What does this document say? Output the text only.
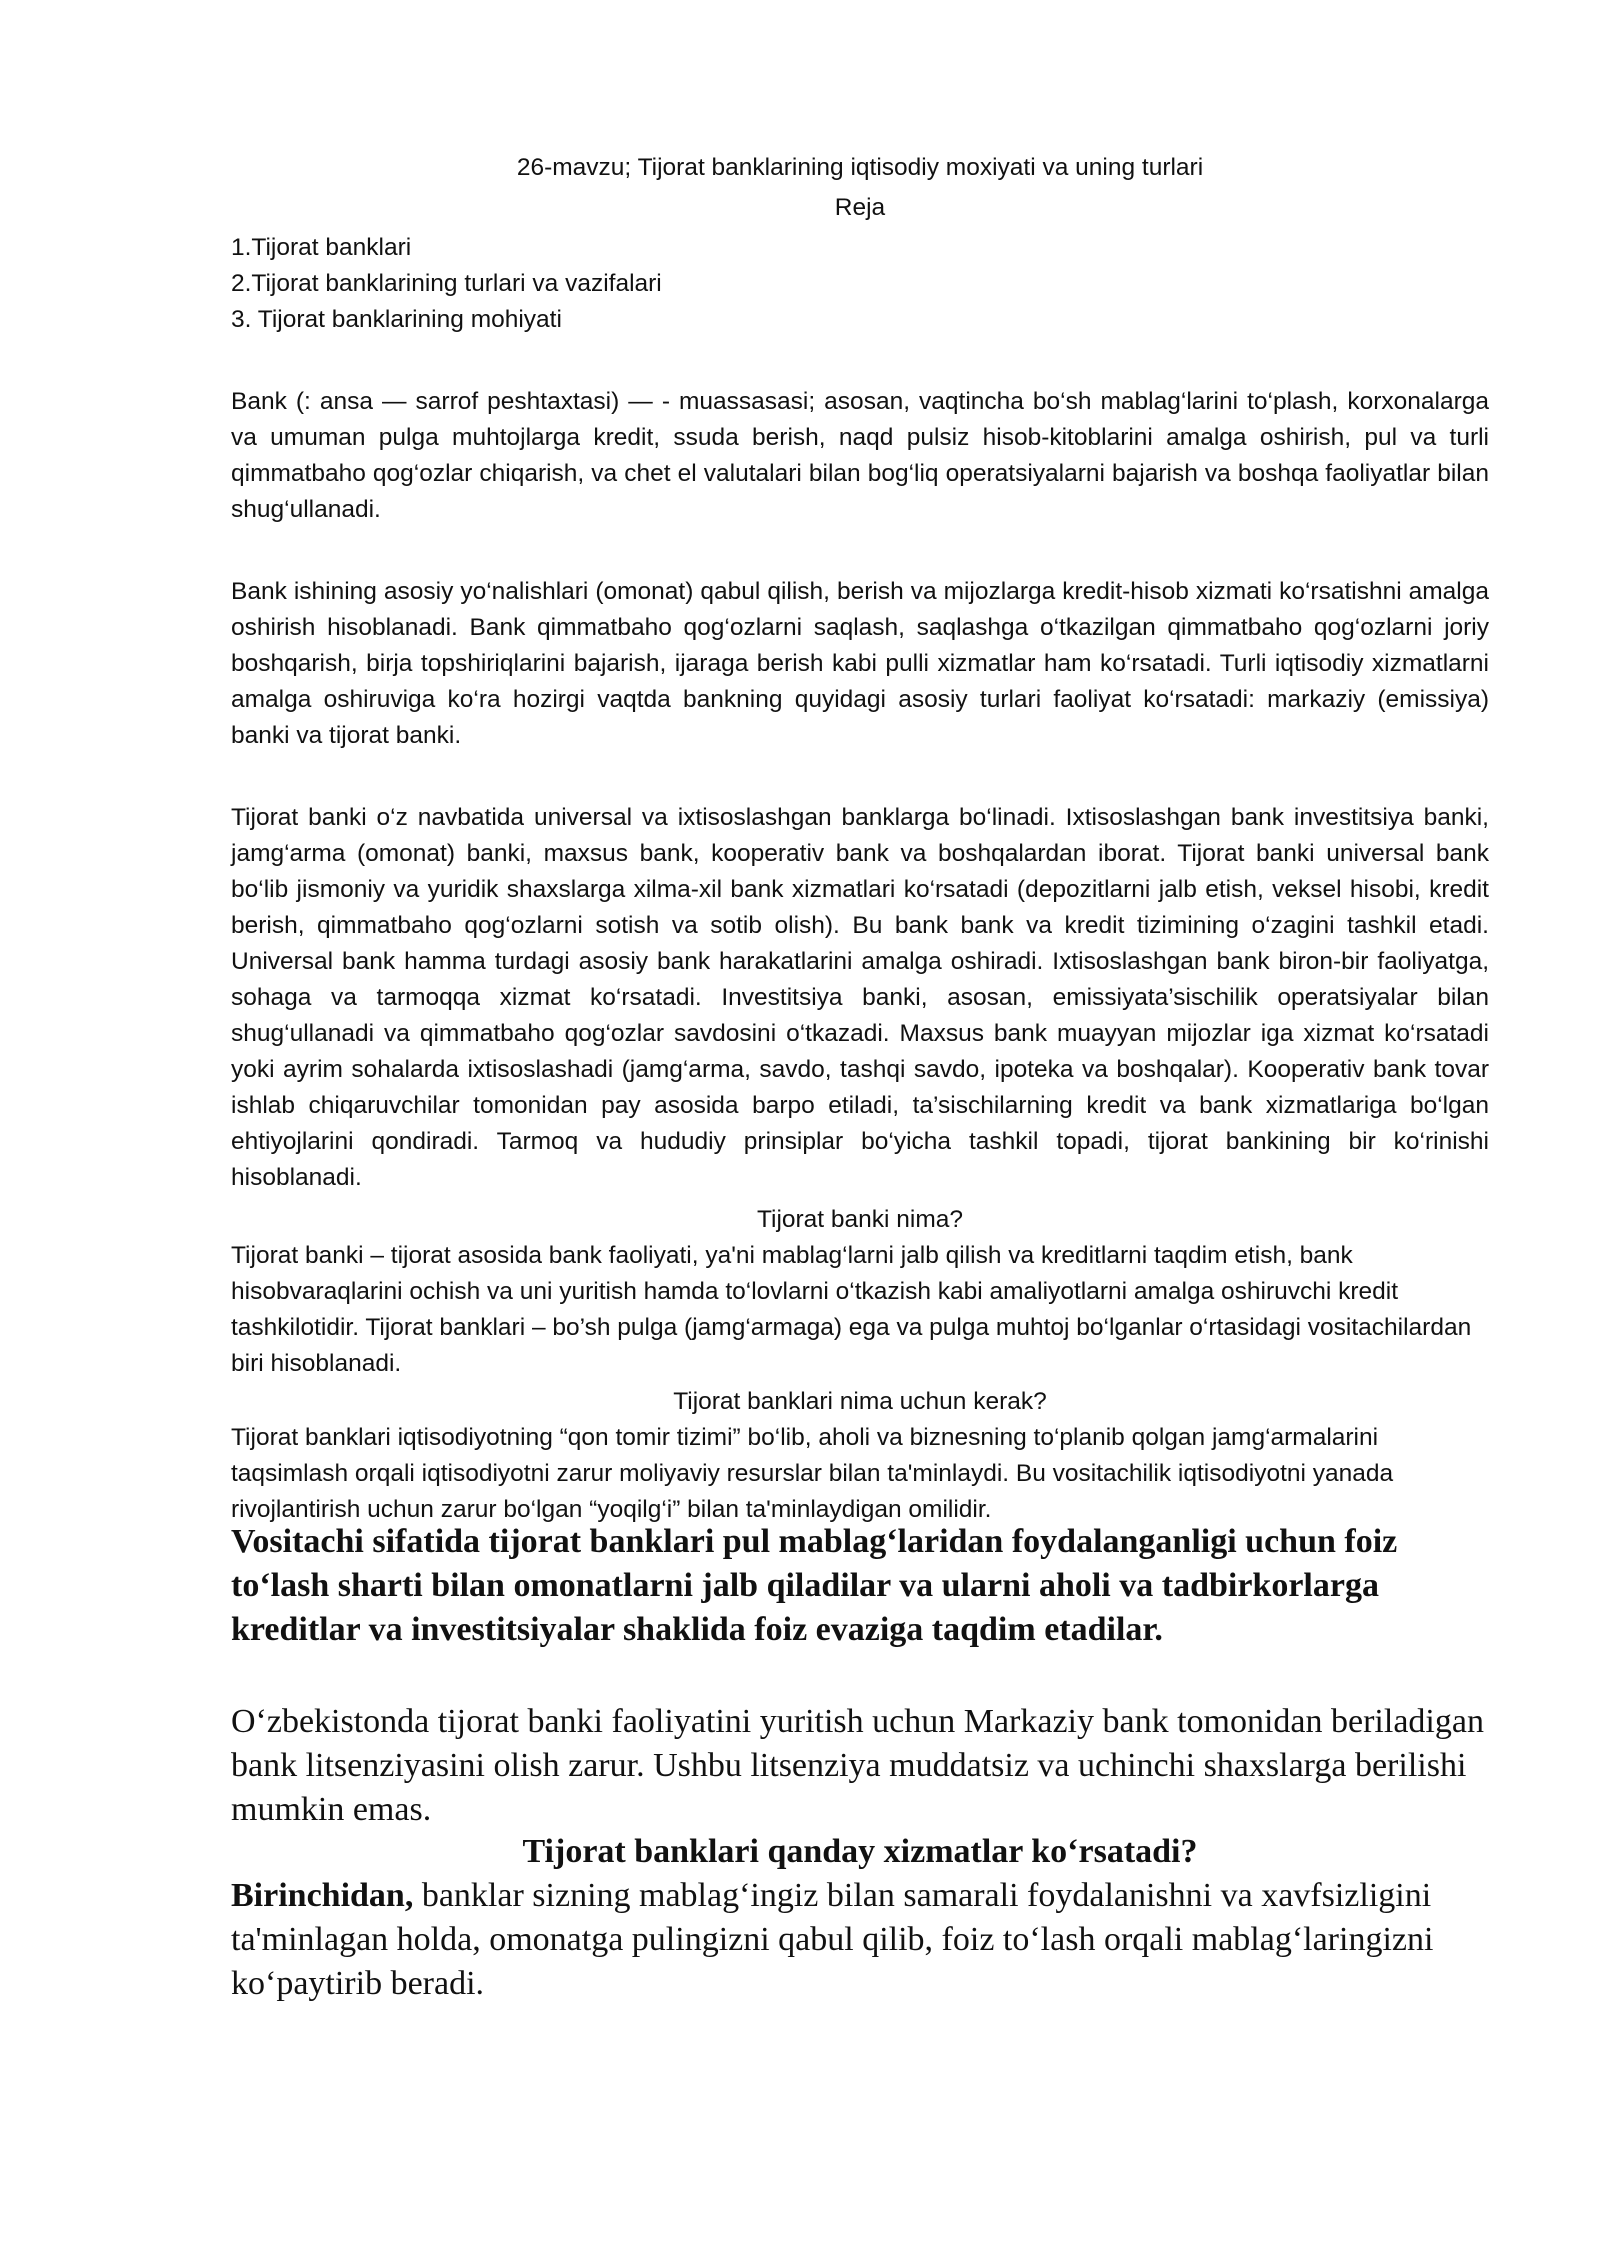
26-mavzu; Tijorat banklarining iqtisodiy moxiyati va uning turlari
Reja
1.Tijorat banklari
2.Tijorat banklarining turlari va vazifalari
3. Tijorat banklarining mohiyati

Bank (: ansa — sarrof peshtaxtasi) — - muassasasi; asosan, vaqtincha bo‘sh mablag‘larini to‘plash, korxonalarga va umuman pulga muhtojlarga kredit, ssuda berish, naqd pulsiz hisob-kitoblarini amalga oshirish, pul va turli qimmatbaho qog‘ozlar chiqarish, va chet el valutalari bilan bog‘liq operatsiyalarni bajarish va boshqa faoliyatlar bilan shug‘ullanadi.

Bank ishining asosiy yo‘nalishlari (omonat) qabul qilish, berish va mijozlarga kredit-hisob xizmati ko‘rsatishni amalga oshirish hisoblanadi. Bank qimmatbaho qog‘ozlarni saqlash, saqlashga o‘tkazilgan qimmatbaho qog‘ozlarni joriy boshqarish, birja topshiriqlarini bajarish, ijaraga berish kabi pulli xizmatlar ham ko‘rsatadi. Turli iqtisodiy xizmatlarni amalga oshiruviga ko‘ra hozirgi vaqtda bankning quyidagi asosiy turlari faoliyat ko‘rsatadi: markaziy (emissiya) banki va tijorat banki.

Tijorat banki o‘z navbatida universal va ixtisoslashgan banklarga bo‘linadi. Ixtisoslashgan bank investitsiya banki, jamg‘arma (omonat) banki, maxsus bank, kooperativ bank va boshqalardan iborat. Tijorat banki universal bank bo‘lib jismoniy va yuridik shaxslarga xilma-xil bank xizmatlari ko‘rsatadi (depozitlarni jalb etish, veksel hisobi, kredit berish, qimmatbaho qog‘ozlarni sotish va sotib olish). Bu bank bank va kredit tizimining o‘zagini tashkil etadi. Universal bank hamma turdagi asosiy bank harakatlarini amalga oshiradi. Ixtisoslashgan bank biron-bir faoliyatga, sohaga va tarmoqqa xizmat ko‘rsatadi. Investitsiya banki, asosan, emissiyata’sischilik operatsiyalar bilan shug‘ullanadi va qimmatbaho qog‘ozlar savdosini o‘tkazadi. Maxsus bank muayyan mijozlar iga xizmat ko‘rsatadi yoki ayrim sohalarda ixtisoslashadi (jamg‘arma, savdo, tashqi savdo, ipoteka va boshqalar). Kooperativ bank tovar ishlab chiqaruvchilar tomonidan pay asosida barpo etiladi, ta’sischilarning kredit va bank xizmatlariga bo‘lgan ehtiyojlarini qondiradi. Tarmoq va hududiy prinsiplar bo‘yicha tashkil topadi, tijorat bankining bir ko‘rinishi hisoblanadi.

Tijorat banki nima?

Tijorat banki – tijorat asosida bank faoliyati, ya'ni mablag‘larni jalb qilish va kreditlarni taqdim etish, bank hisobvaraqlarini ochish va uni yuritish hamda to‘lovlarni o‘tkazish kabi amaliyotlarni amalga oshiruvchi kredit tashkilotidir. Tijorat banklari – bo’sh pulga (jamg‘armaga) ega va pulga muhtoj bo‘lganlar o‘rtasidagi vositachilardan biri hisoblanadi.

Tijorat banklari nima uchun kerak?

Tijorat banklari iqtisodiyotning “qon tomir tizimi” bo‘lib, aholi va biznesning to‘planib qolgan jamg‘armalarini taqsimlash orqali iqtisodiyotni zarur moliyaviy resurslar bilan ta'minlaydi. Bu vositachilik iqtisodiyotni yanada rivojlantirish uchun zarur bo‘lgan “yoqilg‘i” bilan ta'minlaydigan omilidir.

Vositachi sifatida tijorat banklari pul mablag‘laridan foydalanganligi uchun foiz to‘lash sharti bilan omonatlarni jalb qiladilar va ularni aholi va tadbirkorlarga kreditlar va investitsiyalar shaklida foiz evaziga taqdim etadilar.

O‘zbekistonda tijorat banki faoliyatini yuritish uchun Markaziy bank tomonidan beriladigan bank litsenziyasini olish zarur. Ushbu litsenziya muddatsiz va uchinchi shaxslarga berilishi mumkin emas.

Tijorat banklari qanday xizmatlar ko‘rsatadi?

Birinchidan, banklar sizning mablag‘ingiz bilan samarali foydalanishni va xavfsizligini ta'minlagan holda, omonatga pulingizni qabul qilib, foiz to‘lash orqali mablag‘laringizni ko‘paytirib beradi.
